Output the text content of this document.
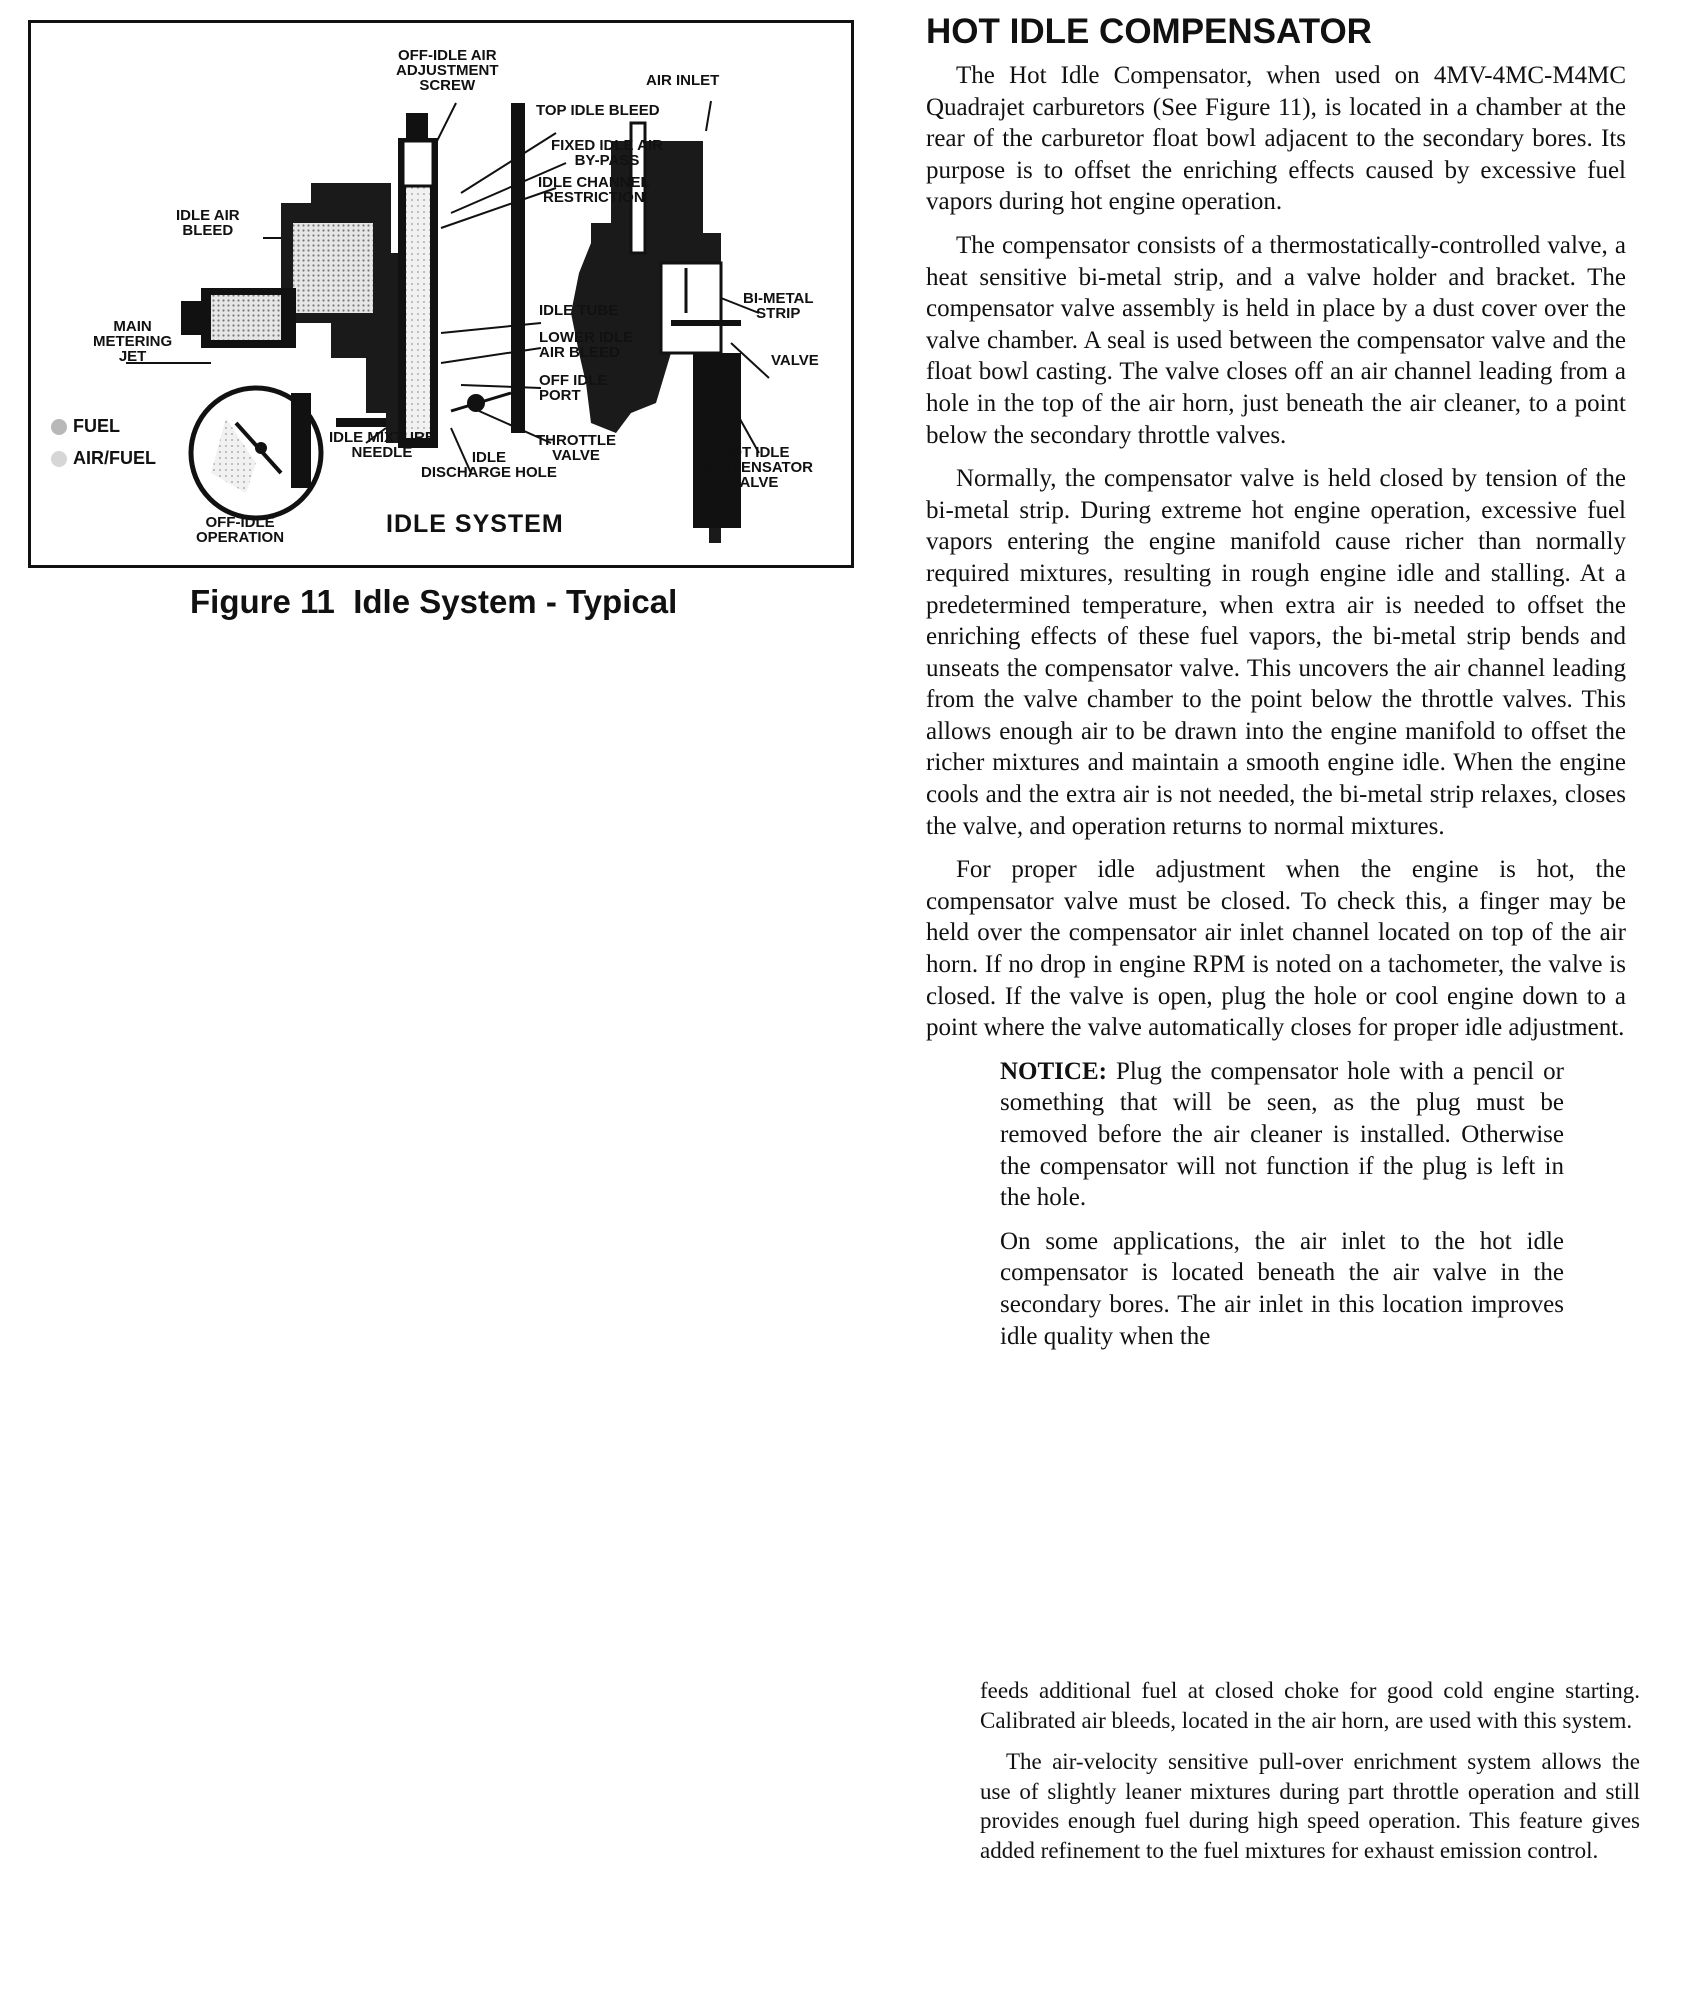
OFF-IDLE AIR
ADJUSTMENT
SCREW	AIR INLET
TOP IDLE BLEED
FIXED IDLE AIR
BY-PASS
IDLE CHANNEL
RESTRICTION
IDLE AIR
BLEED
IDLE TUBE
LOWER IDLE
AIR BLEED
OFF IDLE
PORT
BI-METAL
STRIP
VALVE
MAIN
METERING
JET
IDLE MIXTURE
NEEDLE	IDLE
DISCHARGE HOLE
THROTTLE
VALVE	HOT IDLE
COMPENSATOR
VALVE
OFF-IDLE
OPERATION
FUEL
AIR/FUEL
IDLE SYSTEM
Figure 11  Idle System - Typical
HOT IDLE COMPENSATOR

The Hot Idle Compensator, when used on 4MV-4MC-M4MC Quadrajet carburetors (See Figure 11), is located in a chamber at the rear of the carburetor float bowl adjacent to the secondary bores. Its purpose is to offset the enriching effects caused by excessive fuel vapors during hot engine operation.

The compensator consists of a thermostatically-controlled valve, a heat sensitive bi-metal strip, and a valve holder and bracket. The compensator valve assembly is held in place by a dust cover over the valve chamber. A seal is used between the compensator valve and the float bowl casting. The valve closes off an air channel leading from a hole in the top of the air horn, just beneath the air cleaner, to a point below the secondary throttle valves.

Normally, the compensator valve is held closed by tension of the bi-metal strip. During extreme hot engine operation, excessive fuel vapors entering the engine manifold cause richer than normally required mixtures, resulting in rough engine idle and stalling. At a predetermined temperature, when extra air is needed to offset the enriching effects of these fuel vapors, the bi-metal strip bends and unseats the compensator valve. This uncovers the air channel leading from the valve chamber to the point below the throttle valves. This allows enough air to be drawn into the engine manifold to offset the richer mixtures and maintain a smooth engine idle. When the engine cools and the extra air is not needed, the bi-metal strip relaxes, closes the valve, and operation returns to normal mixtures.

For proper idle adjustment when the engine is hot, the compensator valve must be closed. To check this, a finger may be held over the compensator air inlet channel located on top of the air horn. If no drop in engine RPM is noted on a tachometer, the valve is closed. If the valve is open, plug the hole or cool engine down to a point where the valve automatically closes for proper idle adjustment.

NOTICE: Plug the compensator hole with a pencil or something that will be seen, as the plug must be removed before the air cleaner is installed. Otherwise the compensator will not function if the plug is left in the hole.

On some applications, the air inlet to the hot idle compensator is located beneath the air valve in the secondary bores. The air inlet in this location improves idle quality when the

feeds additional fuel at closed choke for good cold engine starting. Calibrated air bleeds, located in the air horn, are used with this system.

The air-velocity sensitive pull-over enrichment system allows the use of slightly leaner mixtures during part throttle operation and still provides enough fuel during high speed operation. This feature gives added refinement to the fuel mixtures for exhaust emission control.
